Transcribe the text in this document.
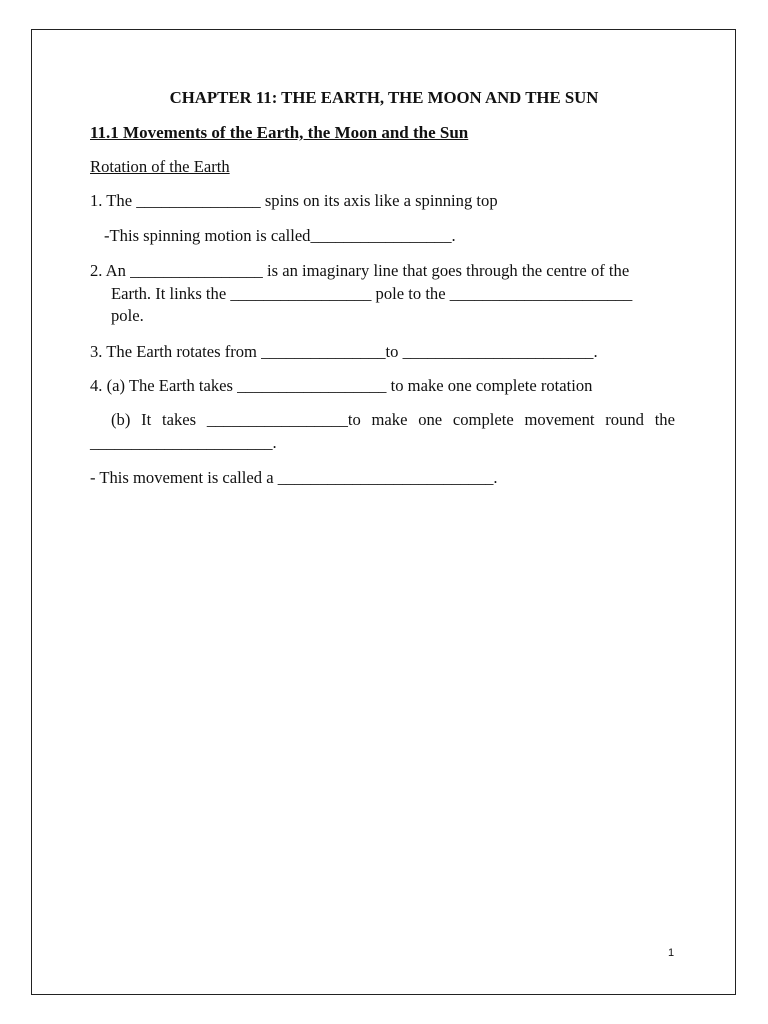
CHAPTER 11: THE EARTH, THE MOON AND THE SUN
11.1 Movements of the Earth, the Moon and the Sun
Rotation of the Earth
1. The _______________ spins on its axis like a spinning top
-This spinning motion is called_________________.
2. An ________________ is an imaginary line that goes through the centre of the
Earth. It links the _________________ pole to the ______________________
pole.
3. The Earth rotates from _______________to _______________________.
4. (a) The Earth takes __________________ to make one complete rotation
(b) It takes _________________to make one complete movement round the
______________________.
- This movement is called a __________________________.
1
